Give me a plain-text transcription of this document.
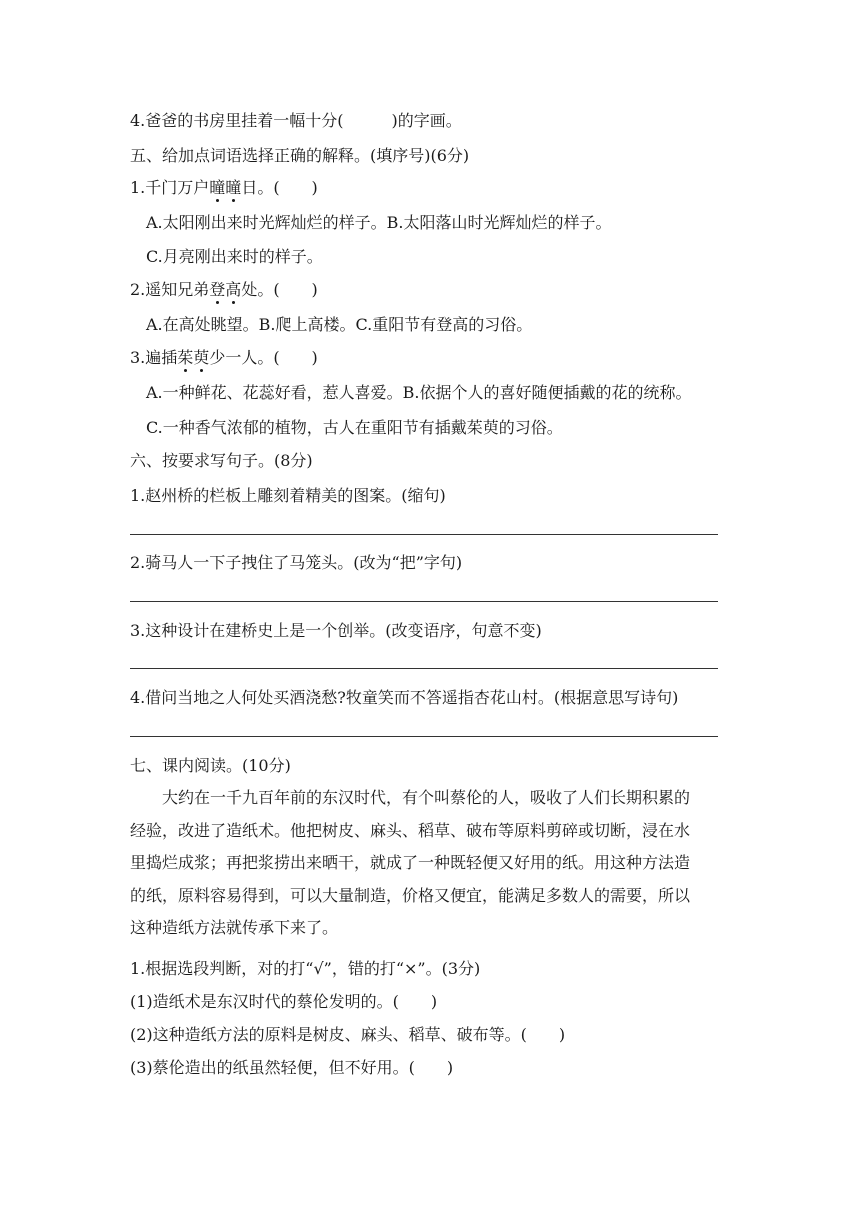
4.爸爸的书房里挂着一幅十分(　　　)的字画。
五、给加点词语选择正确的解释。(填序号)(6分)
1.千门万户曈曈日。(　　)
A.太阳刚出来时光辉灿烂的样子。B.太阳落山时光辉灿烂的样子。
C.月亮刚出来时的样子。
2.遥知兄弟登高处。(　　)
A.在高处眺望。B.爬上高楼。C.重阳节有登高的习俗。
3.遍插茱萸少一人。(　　)
A.一种鲜花、花蕊好看，惹人喜爱。B.依据个人的喜好随便插戴的花的统称。
C.一种香气浓郁的植物，古人在重阳节有插戴茱萸的习俗。
六、按要求写句子。(8分)
1.赵州桥的栏板上雕刻着精美的图案。(缩句)
2.骑马人一下子拽住了马笼头。(改为“把”字句)
3.这种设计在建桥史上是一个创举。(改变语序，句意不变)
4.借问当地之人何处买酒浇愁?牧童笑而不答遥指杏花山村。(根据意思写诗句)
七、课内阅读。(10分)
大约在一千九百年前的东汉时代，有个叫蔡伦的人，吸收了人们长期积累的
经验，改进了造纸术。他把树皮、麻头、稻草、破布等原料剪碎或切断，浸在水
里捣烂成浆；再把浆捞出来晒干，就成了一种既轻便又好用的纸。用这种方法造
的纸，原料容易得到，可以大量制造，价格又便宜，能满足多数人的需要，所以
这种造纸方法就传承下来了。
1.根据选段判断，对的打“√”，错的打“×”。(3分)
(1)造纸术是东汉时代的蔡伦发明的。(　　)
(2)这种造纸方法的原料是树皮、麻头、稻草、破布等。(　　)
(3)蔡伦造出的纸虽然轻便，但不好用。(　　)
